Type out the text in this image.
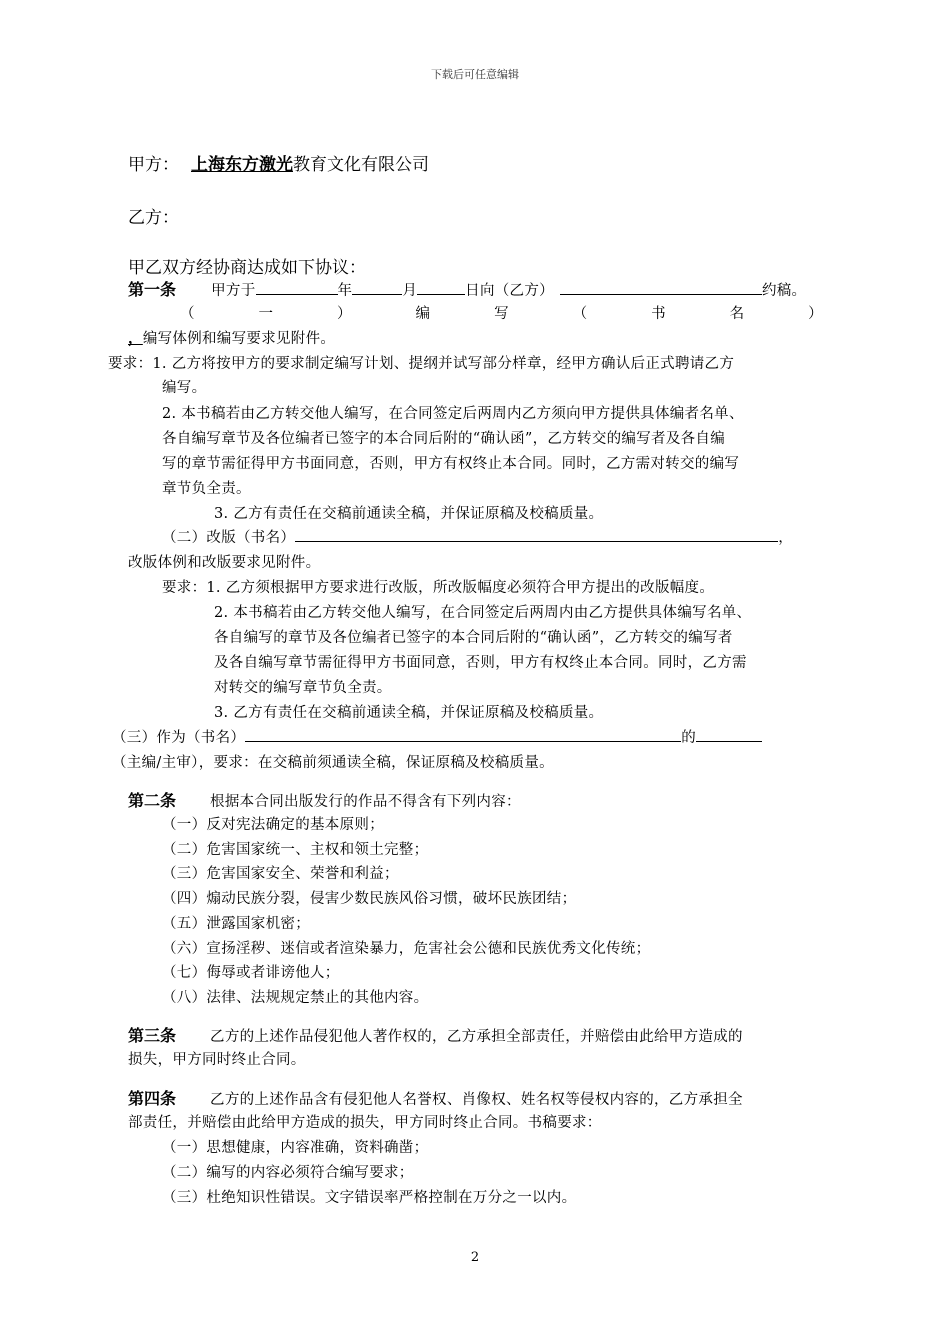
下载后可任意编辑
甲方： 上海东方激光教育文化有限公司
乙方：
甲乙双方经协商达成如下协议：
第一条 甲方于	年	月	日向（乙方）	约稿。
（	一	）	编	写	（	书	名	）
，编写体例和编写要求见附件。
要求：1. 乙方将按甲方的要求制定编写计划、提纲并试写部分样章，经甲方确认后正式聘请乙方
编写。
2. 本书稿若由乙方转交他人编写，在合同签定后两周内乙方须向甲方提供具体编者名单、
各自编写章节及各位编者已签字的本合同后附的“确认函”，乙方转交的编写者及各自编
写的章节需征得甲方书面同意，否则，甲方有权终止本合同。同时，乙方需对转交的编写
章节负全责。
3. 乙方有责任在交稿前通读全稿，并保证原稿及校稿质量。
（二）改版（书名）	，
改版体例和改版要求见附件。
要求：1. 乙方须根据甲方要求进行改版，所改版幅度必须符合甲方提出的改版幅度。
2. 本书稿若由乙方转交他人编写，在合同签定后两周内由乙方提供具体编写名单、
各自编写的章节及各位编者已签字的本合同后附的“确认函”，乙方转交的编写者
及各自编写章节需征得甲方书面同意，否则，甲方有权终止本合同。同时，乙方需
对转交的编写章节负全责。
3. 乙方有责任在交稿前通读全稿，并保证原稿及校稿质量。
（三）作为（书名）	的
（主编/主审），要求：在交稿前须通读全稿，保证原稿及校稿质量。
第二条 根据本合同出版发行的作品不得含有下列内容：
（一）反对宪法确定的基本原则；
（二）危害国家统一、主权和领土完整；
（三）危害国家安全、荣誉和利益；
（四）煽动民族分裂，侵害少数民族风俗习惯，破坏民族团结；
（五）泄露国家机密；
（六）宣扬淫秽、迷信或者渲染暴力，危害社会公德和民族优秀文化传统；
（七）侮辱或者诽谤他人；
（八）法律、法规规定禁止的其他内容。
第三条 乙方的上述作品侵犯他人著作权的，乙方承担全部责任，并赔偿由此给甲方造成的
损失，甲方同时终止合同。
第四条 乙方的上述作品含有侵犯他人名誉权、肖像权、姓名权等侵权内容的，乙方承担全
部责任，并赔偿由此给甲方造成的损失，甲方同时终止合同。书稿要求：
（一）思想健康，内容准确，资料确凿；
（二）编写的内容必须符合编写要求；
（三）杜绝知识性错误。文字错误率严格控制在万分之一以内。
2
